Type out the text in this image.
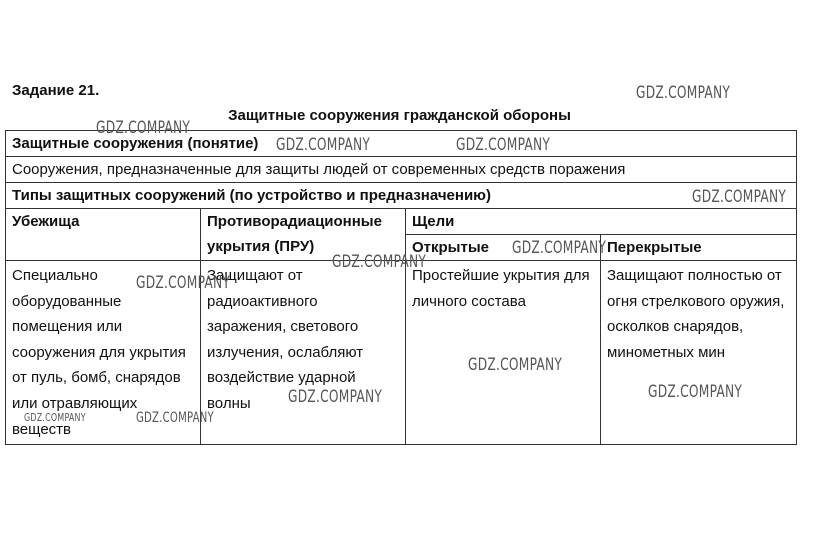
Задание 21.
Защитные сооружения гражданской обороны
Защитные сооружения (понятие)			
Сооружения, предназначенные для защиты людей от современных средств поражения			
Типы защитных сооружений (по устройство и предназначению)			
Убежища	Противорадиационные укрытия (ПРУ)	Щели	
		Открытые	Перекрытые
Специально оборудованные помещения или сооружения для укрытия от пуль, бомб, снарядов или отравляющих веществ	Защищают от радиоактивного заражения, светового излучения, ослабляют воздействие ударной волны	Простейшие укрытия для личного состава	Защищают полностью от огня стрелкового оружия, осколков снарядов, минометных мин
GDZ.COMPANY
GDZ.COMPANY
GDZ.COMPANY	GDZ.COMPANY
GDZ.COMPANY
GDZ.COMPANY
GDZ.COMPANY
GDZ.COMPANY
GDZ.COMPANY
GDZ.COMPANY
GDZ.COMPANY
GDZ.COMPANY	GDZ.COMPANY
